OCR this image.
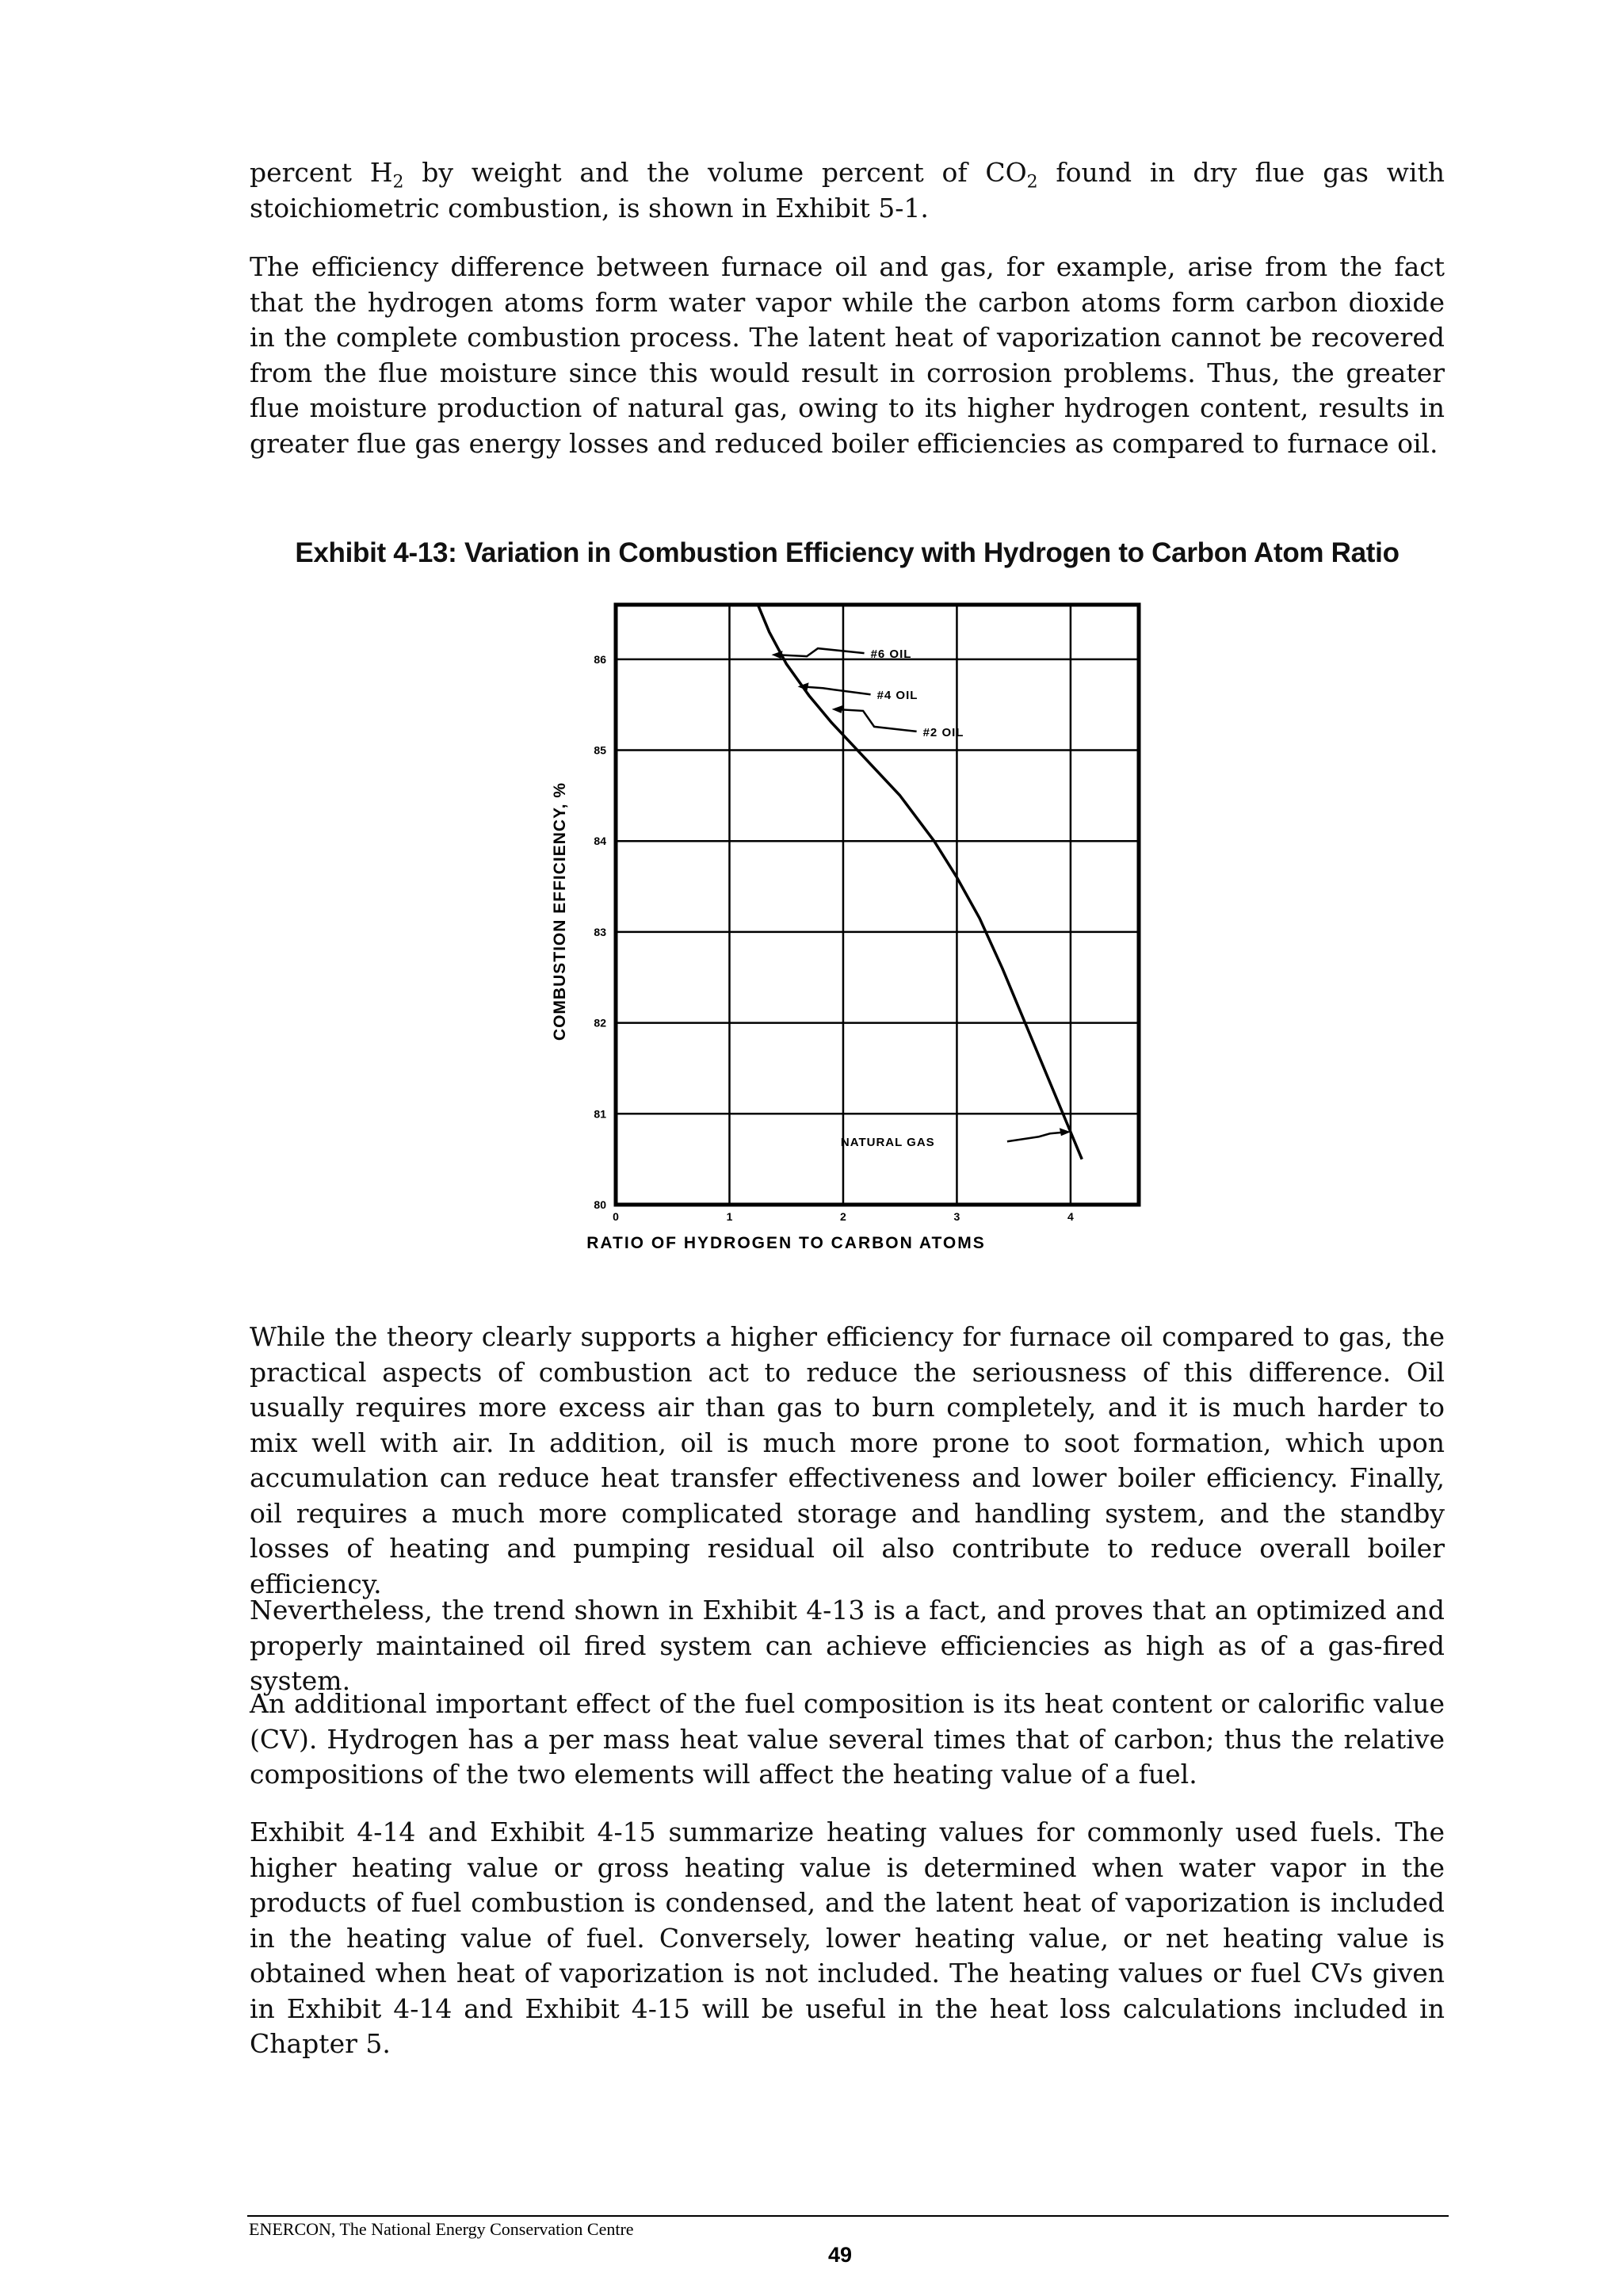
percent $H_2$ by weight and the volume percent of $CO_2$ found in dry flue gas with stoichiometric combustion, is shown in Exhibit 5-1.

The efficiency difference between furnace oil and gas, for example, arise from the fact that the hydrogen atoms form water vapor while the carbon atoms form carbon dioxide in the complete combustion process. The latent heat of vaporization cannot be recovered from the flue moisture since this would result in corrosion problems. Thus, the greater flue moisture production of natural gas, owing to its higher hydrogen content, results in greater flue gas energy losses and reduced boiler efficiencies as compared to furnace oil.

Exhibit 4-13: Variation in Combustion Efficiency with Hydrogen to Carbon Atom Ratio
0	1	2	3	4
80
81
82
83
84
85
86	#6 OIL
#4 OIL
#2 OIL
NATURAL GAS
RATIO OF HYDROGEN TO CARBON ATOMS
COMBUSTION EFFICIENCY, %

While the theory clearly supports a higher efficiency for furnace oil compared to gas, the practical aspects of combustion act to reduce the seriousness of this difference. Oil usually requires more excess air than gas to burn completely, and it is much harder to mix well with air. In addition, oil is much more prone to soot formation, which upon accumulation can reduce heat transfer effectiveness and lower boiler efficiency. Finally, oil requires a much more complicated storage and handling system, and the standby losses of heating and pumping residual oil also contribute to reduce overall boiler efficiency.

Nevertheless, the trend shown in Exhibit 4-13 is a fact, and proves that an optimized and properly maintained oil fired system can achieve efficiencies as high as of a gas-fired system.

An additional important effect of the fuel composition is its heat content or calorific value (CV). Hydrogen has a per mass heat value several times that of carbon; thus the relative compositions of the two elements will affect the heating value of a fuel.

Exhibit 4-14 and Exhibit 4-15 summarize heating values for commonly used fuels. The higher heating value or gross heating value is determined when water vapor in the products of fuel combustion is condensed, and the latent heat of vaporization is included in the heating value of fuel. Conversely, lower heating value, or net heating value is obtained when heat of vaporization is not included. The heating values or fuel CVs given in Exhibit 4-14 and Exhibit 4-15 will be useful in the heat loss calculations included in Chapter 5.

ENERCON, The National Energy Conservation Centre
49
